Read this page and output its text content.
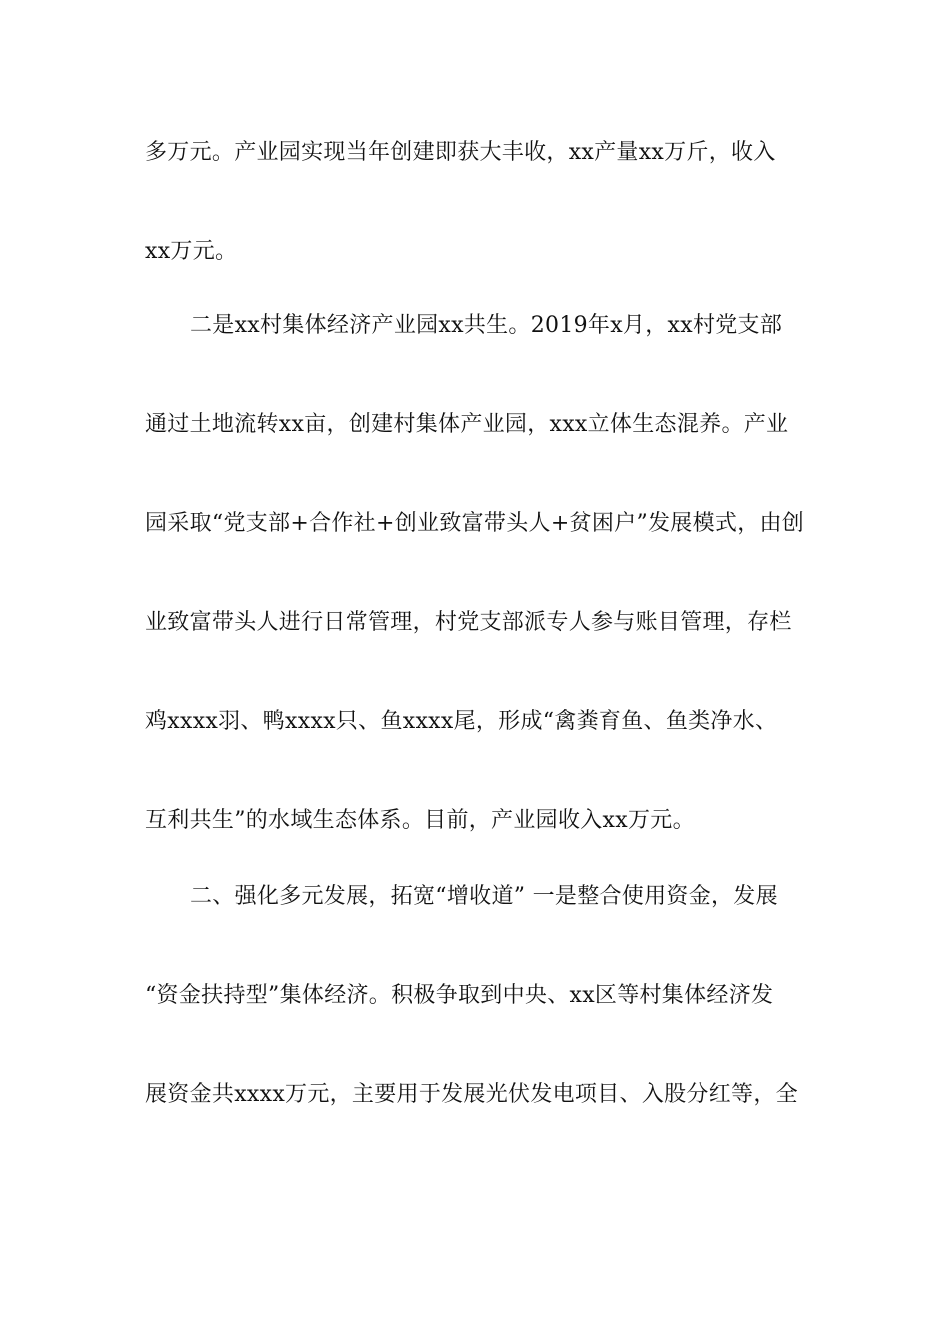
多万元。产业园实现当年创建即获大丰收，xx产量xx万斤，收入
xx万元。
二是xx村集体经济产业园xx共生。2019年x月，xx村党支部
通过土地流转xx亩，创建村集体产业园，xxx立体生态混养。产业
园采取“党支部+合作社+创业致富带头人+贫困户”发展模式，由创
业致富带头人进行日常管理，村党支部派专人参与账目管理，存栏
鸡xxxx羽、鸭xxxx只、鱼xxxx尾，形成“禽粪育鱼、鱼类净水、
互利共生”的水域生态体系。目前，产业园收入xx万元。
二、强化多元发展，拓宽“增收道” 一是整合使用资金，发展
“资金扶持型”集体经济。积极争取到中央、xx区等村集体经济发
展资金共xxxx万元，主要用于发展光伏发电项目、入股分红等，全
